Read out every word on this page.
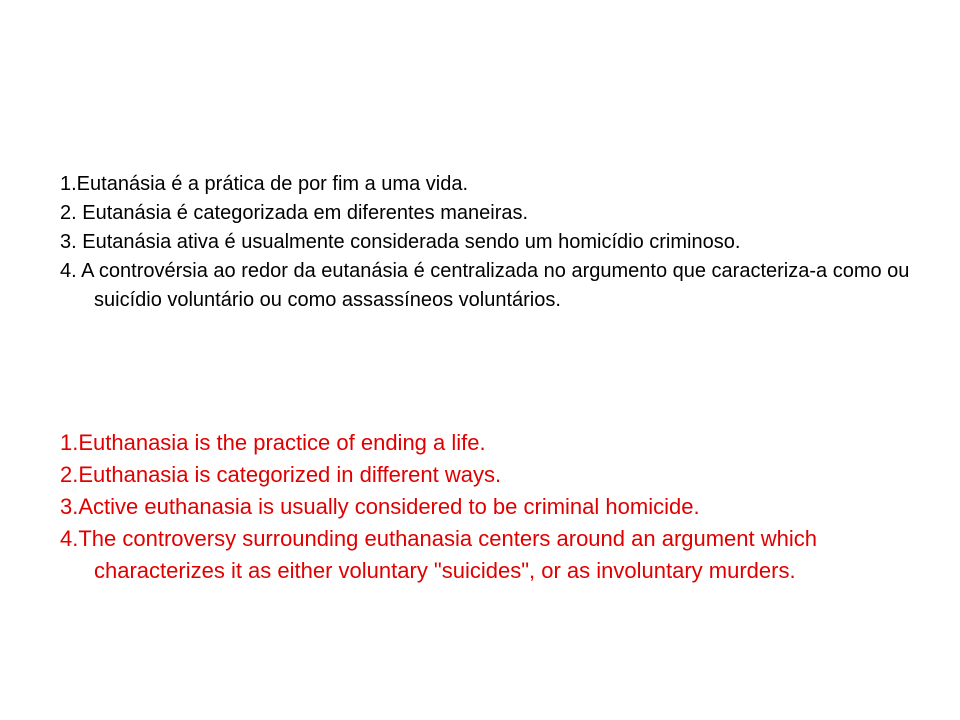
1.Eutanásia é a prática de por fim a uma vida.
2. Eutanásia é categorizada em diferentes maneiras.
3. Eutanásia ativa é usualmente considerada sendo um homicídio criminoso.
4. A controvérsia ao redor da eutanásia é centralizada no argumento que caracteriza-a como ou suicídio voluntário ou como assassíneos voluntários.
1.Euthanasia is the practice of ending a life.
2.Euthanasia is categorized in different ways.
3.Active euthanasia is usually considered to be criminal homicide.
4.The controversy surrounding euthanasia centers around an argument which characterizes it as either voluntary "suicides", or as involuntary murders.
